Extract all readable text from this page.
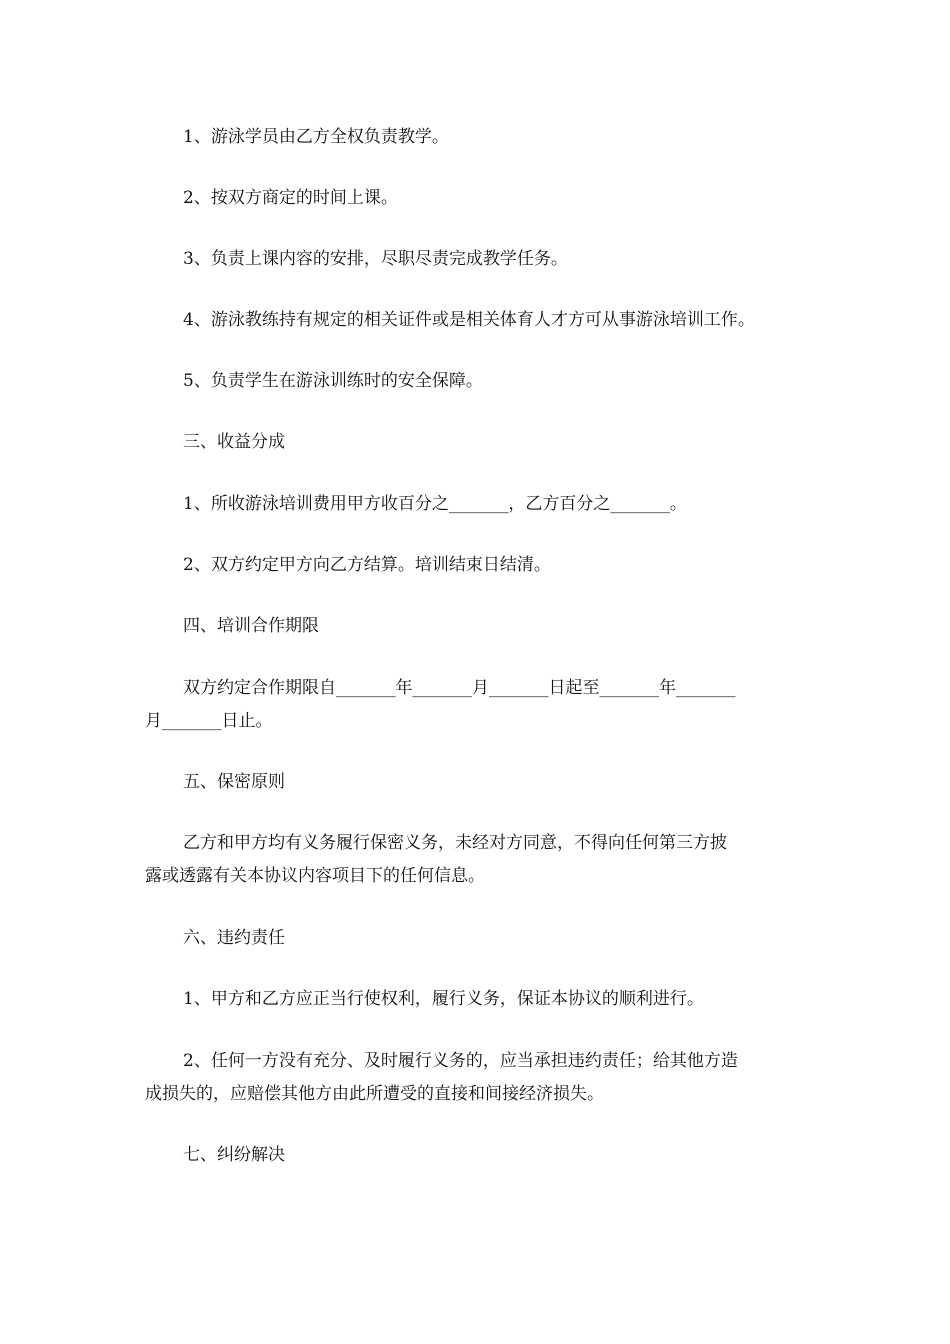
1、游泳学员由乙方全权负责教学。
2、按双方商定的时间上课。
3、负责上课内容的安排，尽职尽责完成教学任务。
4、游泳教练持有规定的相关证件或是相关体育人才方可从事游泳培训工作。
5、负责学生在游泳训练时的安全保障。
三、收益分成
1、所收游泳培训费用甲方收百分之_______，乙方百分之_______。
2、双方约定甲方向乙方结算。培训结束日结清。
四、培训合作期限
双方约定合作期限自_______年_______月_______日起至_______年_______
月_______日止。
五、保密原则
乙方和甲方均有义务履行保密义务，未经对方同意，不得向任何第三方披
露或透露有关本协议内容项目下的任何信息。
六、违约责任
1、甲方和乙方应正当行使权利，履行义务，保证本协议的顺利进行。
2、任何一方没有充分、及时履行义务的，应当承担违约责任；给其他方造
成损失的，应赔偿其他方由此所遭受的直接和间接经济损失。
七、纠纷解决
